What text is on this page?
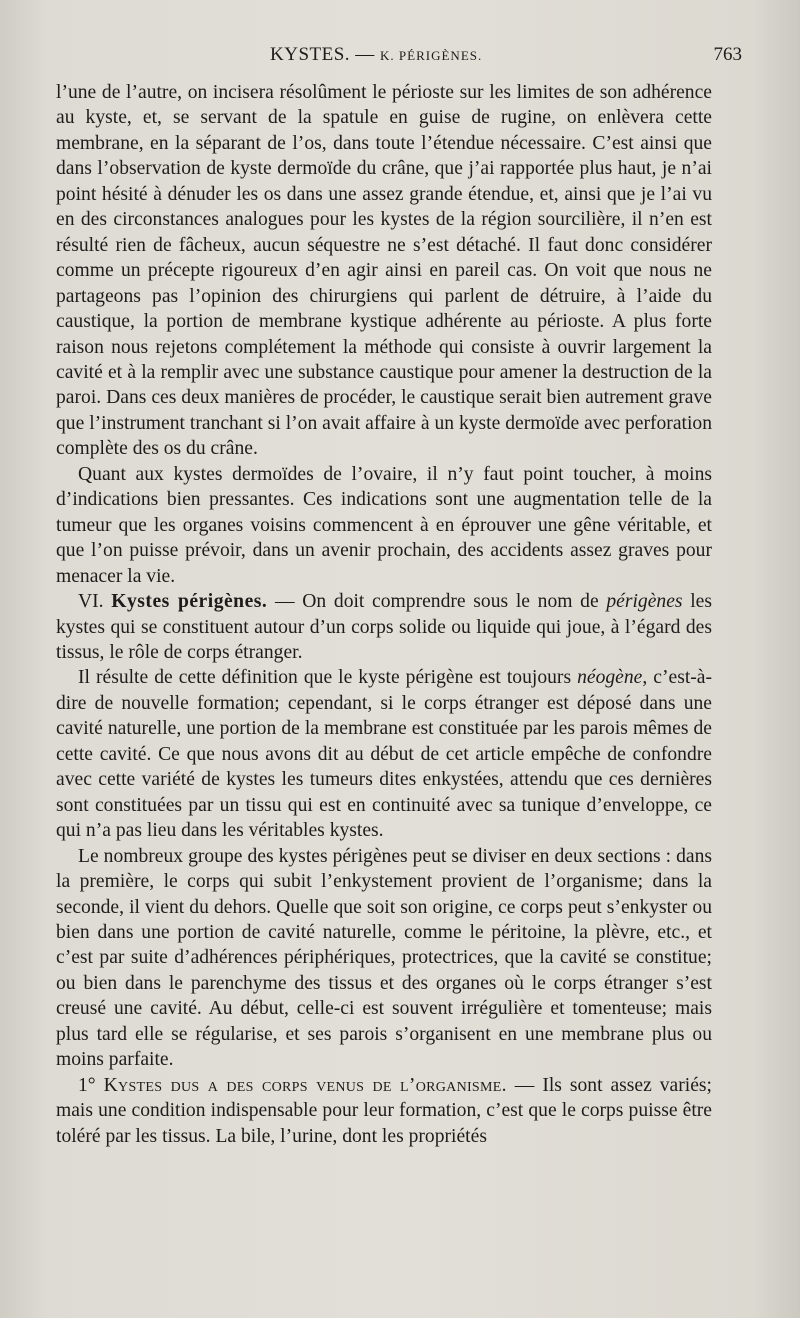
KYSTES. — K. PÉRIGÈNES.	763

l’une de l’autre, on incisera résolûment le périoste sur les limites de son adhérence au kyste, et, se servant de la spatule en guise de rugine, on enlèvera cette membrane, en la séparant de l’os, dans toute l’étendue nécessaire. C’est ainsi que dans l’observation de kyste dermoïde du crâne, que j’ai rapportée plus haut, je n’ai point hésité à dénuder les os dans une assez grande étendue, et, ainsi que je l’ai vu en des circonstances analogues pour les kystes de la région sourcilière, il n’en est résulté rien de fâcheux, aucun séquestre ne s’est détaché. Il faut donc considérer comme un précepte rigoureux d’en agir ainsi en pareil cas. On voit que nous ne partageons pas l’opinion des chirurgiens qui parlent de détruire, à l’aide du caustique, la portion de membrane kystique adhérente au périoste. A plus forte raison nous rejetons complétement la méthode qui consiste à ouvrir largement la cavité et à la remplir avec une substance caustique pour amener la destruction de la paroi. Dans ces deux manières de procéder, le caustique serait bien autrement grave que l’instrument tranchant si l’on avait affaire à un kyste dermoïde avec perforation complète des os du crâne.

Quant aux kystes dermoïdes de l’ovaire, il n’y faut point toucher, à moins d’indications bien pressantes. Ces indications sont une augmentation telle de la tumeur que les organes voisins commencent à en éprouver une gêne véritable, et que l’on puisse prévoir, dans un avenir prochain, des accidents assez graves pour menacer la vie.

VI. Kystes périgènes. — On doit comprendre sous le nom de périgènes les kystes qui se constituent autour d’un corps solide ou liquide qui joue, à l’égard des tissus, le rôle de corps étranger.

Il résulte de cette définition que le kyste périgène est toujours néogène, c’est-à-dire de nouvelle formation; cependant, si le corps étranger est déposé dans une cavité naturelle, une portion de la membrane est constituée par les parois mêmes de cette cavité. Ce que nous avons dit au début de cet article empêche de confondre avec cette variété de kystes les tumeurs dites enkystées, attendu que ces dernières sont constituées par un tissu qui est en continuité avec sa tunique d’enveloppe, ce qui n’a pas lieu dans les véritables kystes.

Le nombreux groupe des kystes périgènes peut se diviser en deux sections : dans la première, le corps qui subit l’enkystement provient de l’organisme; dans la seconde, il vient du dehors. Quelle que soit son origine, ce corps peut s’enkyster ou bien dans une portion de cavité naturelle, comme le péritoine, la plèvre, etc., et c’est par suite d’adhérences périphériques, protectrices, que la cavité se constitue; ou bien dans le parenchyme des tissus et des organes où le corps étranger s’est creusé une cavité. Au début, celle-ci est souvent irrégulière et tomenteuse; mais plus tard elle se régularise, et ses parois s’organisent en une membrane plus ou moins parfaite.

1° Kystes dus a des corps venus de l’organisme. — Ils sont assez variés; mais une condition indispensable pour leur formation, c’est que le corps puisse être toléré par les tissus. La bile, l’urine, dont les propriétés
